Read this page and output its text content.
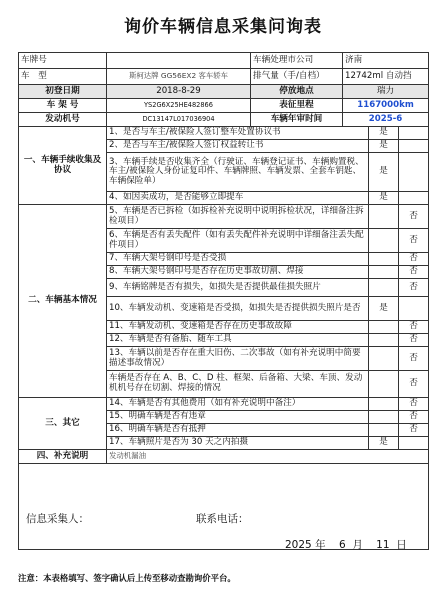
询价车辆信息采集问询表
车牌号		车辆处理市公司	济南		
车　型	斯柯达牌 GG56EX2 客车轿车	排气量（手/自档）	12742ml 自动挡		
初登日期	2018-8-29	停放地点	瑞力		
车 架 号	YS2G6X25HE482866	表征里程	1167000km		
发动机号	DC13147L017036904	车辆年审时间	2025-6		
一、车辆手续收集及协议	1、是否与车主/被保险人签订整车处置协议书			是	
	2、是否与车主/被保险人签订权益转让书			是	
	3、车辆手续是否收集齐全（行驶证、车辆登记证书、车辆购置税、车主/被保险人身份证复印件、车辆牌照、车辆发票、全套车钥匙、车辆保险单）			是	
	4、如因卖成功，是否能够立即提车			是	
二、车辆基本情况	5、车辆是否已拆检（如拆检补充说明中说明拆检状况，详细备注拆检项目）				否
	6、车辆是否有丢失配件（如有丢失配件补充说明中详细备注丢失配件项目）				否
	7、车辆大架号钢印号是否受损				否
	8、车辆大架号钢印号是否存在历史事故切割、焊接				否
	9、车辆铭牌是否有损失，如损失是否提供最佳损失照片				否
	10、车辆发动机、变速箱是否受损，如损失是否提供损失照片是否			是	
	11、车辆发动机、变速箱是否存在历史事故故障				否
	12、车辆是否有备胎、随车工具				否
	13、车辆以前是否存在重大旧伤、二次事故（如有补充说明中简要描述事故情况）				否
	车辆是否存在 A、B、C、D 柱、框架、后备箱、大梁、车顶、发动机机号存在切割、焊接的情况				否
三、其它	14、车辆是否有其他费用（如有补充说明中备注）				否
	15、明确车辆是否有违章				否
	16、明确车辆是否有抵押				否
	17、车辆照片是否为 30 天之内拍摄			是	
四、补充说明	发动机漏油				

信息采集人：	联系电话：
2025 年 6 月 11 日
注意：本表格填写、签字确认后上传至移动查勘询价平台。
